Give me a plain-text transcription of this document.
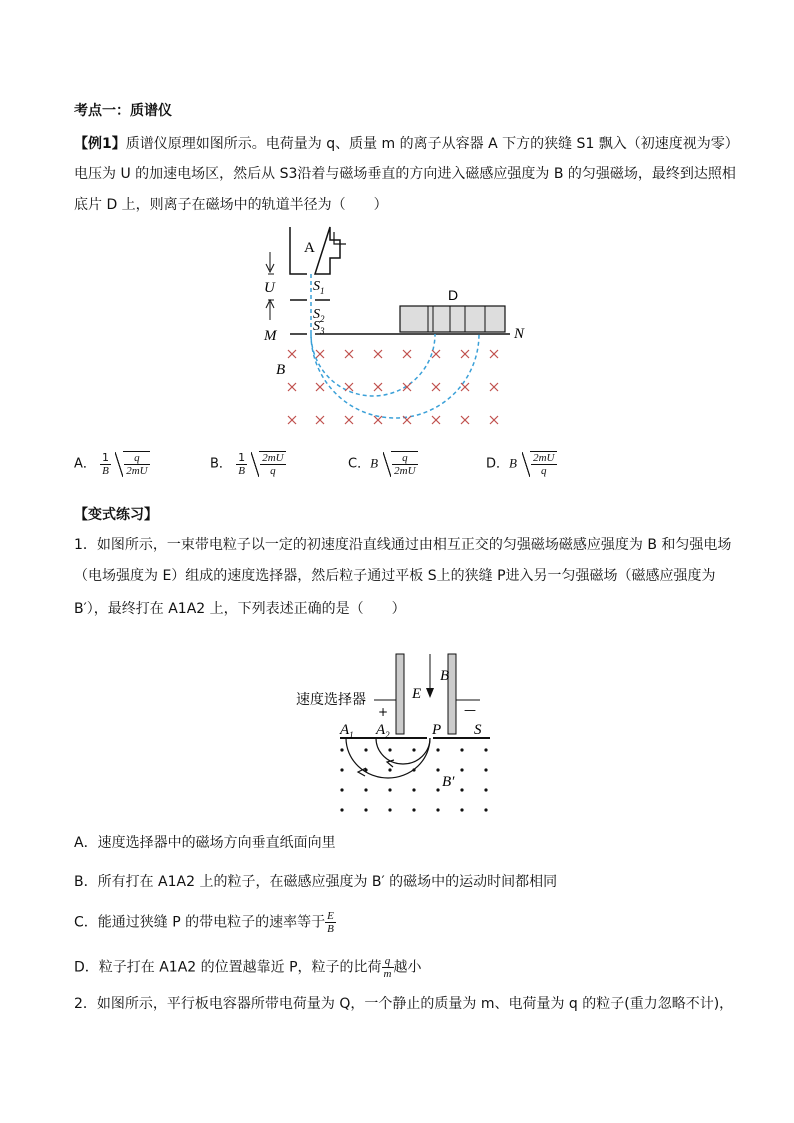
考点一：质谱仪
【例1】质谱仪原理如图所示。电荷量为 q、质量 m 的离子从容器 A 下方的狭缝 S1 飘入（初速度视为零）
电压为 U 的加速电场区，然后从 S3沿着与磁场垂直的方向进入磁感应强度为 B 的匀强磁场，最终到达照相
底片 D 上，则离子在磁场中的轨道半径为（　　）
A
U
M	N
B
$S_1$
$S_2$
$S_3$
D
A． $\frac{1}{B}$
$\frac{q}{2mU}$	B． $\frac{1}{B}$
$\frac{2mU}{q}$	C．B $\frac{q}{2mU}$	D．B $\frac{2mU}{q}$
【变式练习】
1．如图所示，一束带电粒子以一定的初速度沿直线通过由相互正交的匀强磁场磁感应强度为 B 和匀强电场
（电场强度为 E）组成的速度选择器，然后粒子通过平板 S上的狭缝 P进入另一匀强磁场（磁感应强度为
B′），最终打在 A1A2 上，下列表述正确的是（　　）
E
B
+	—
速度选择器
$A_1$ $A_2$	P S
B′
A．速度选择器中的磁场方向垂直纸面向里
B．所有打在 A1A2 上的粒子，在磁感应强度为 B′ 的磁场中的运动时间都相同
C．能通过狭缝 P 的带电粒子的速率等于 $\frac{E}{B}$
D．粒子打在 A1A2 的位置越靠近 P，粒子的比荷 $\frac{q}{m}$ 越小
2．如图所示，平行板电容器所带电荷量为 Q，一个静止的质量为 m、电荷量为 q 的粒子(重力忽略不计)，
